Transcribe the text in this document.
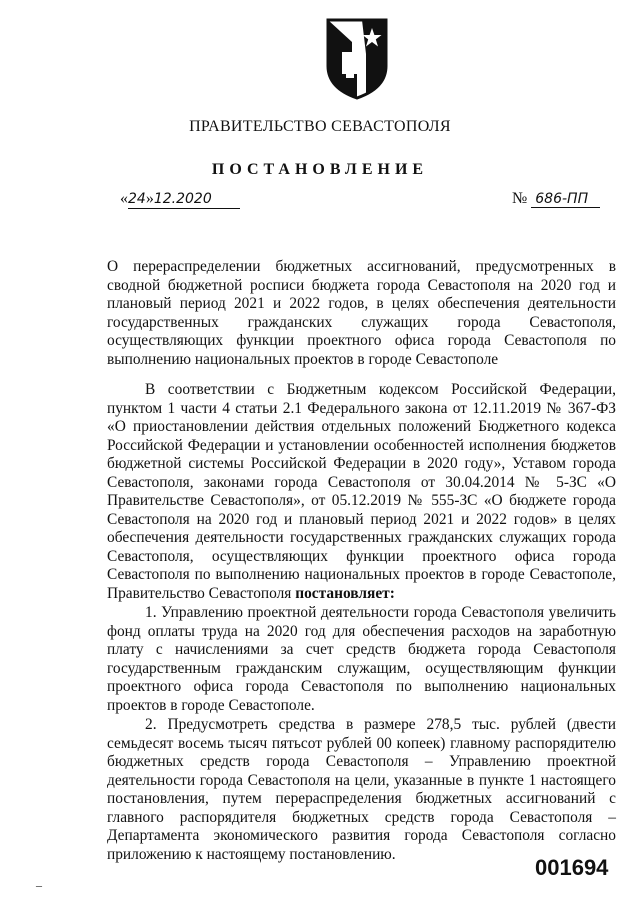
ПРАВИТЕЛЬСТВО СЕВАСТОПОЛЯ
ПОСТАНОВЛЕНИЕ
«24»12.2020	№ 686-ПП
О перераспределении бюджетных ассигнований, предусмотренных в сводной бюджетной росписи бюджета города Севастополя на 2020 год и плановый период 2021 и 2022 годов, в целях обеспечения деятельности государственных гражданских служащих города Севастополя, осуществляющих функции проектного офиса города Севастополя по выполнению национальных проектов в городе Севастополе
В соответствии с Бюджетным кодексом Российской Федерации, пунктом 1 части 4 статьи 2.1 Федерального закона от 12.11.2019 № 367-ФЗ «О приостановлении действия отдельных положений Бюджетного кодекса Российской Федерации и установлении особенностей исполнения бюджетов бюджетной системы Российской Федерации в 2020 году», Уставом города Севастополя, законами города Севастополя от 30.04.2014 № 5-ЗС «О Правительстве Севастополя», от 05.12.2019 № 555-ЗС «О бюджете города Севастополя на 2020 год и плановый период 2021 и 2022 годов» в целях обеспечения деятельности государственных гражданских служащих города Севастополя, осуществляющих функции проектного офиса города Севастополя по выполнению национальных проектов в городе Севастополе, Правительство Севастополя постановляет:
1. Управлению проектной деятельности города Севастополя увеличить фонд оплаты труда на 2020 год для обеспечения расходов на заработную плату с начислениями за счет средств бюджета города Севастополя государственным гражданским служащим, осуществляющим функции проектного офиса города Севастополя по выполнению национальных проектов в городе Севастополе.
2. Предусмотреть средства в размере 278,5 тыс. рублей (двести семьдесят восемь тысяч пятьсот рублей 00 копеек) главному распорядителю бюджетных средств города Севастополя – Управлению проектной деятельности города Севастополя на цели, указанные в пункте 1 настоящего постановления, путем перераспределения бюджетных ассигнований с главного распорядителя бюджетных средств города Севастополя – Департамента экономического развития города Севастополя согласно приложению к настоящему постановлению.
001694
–
